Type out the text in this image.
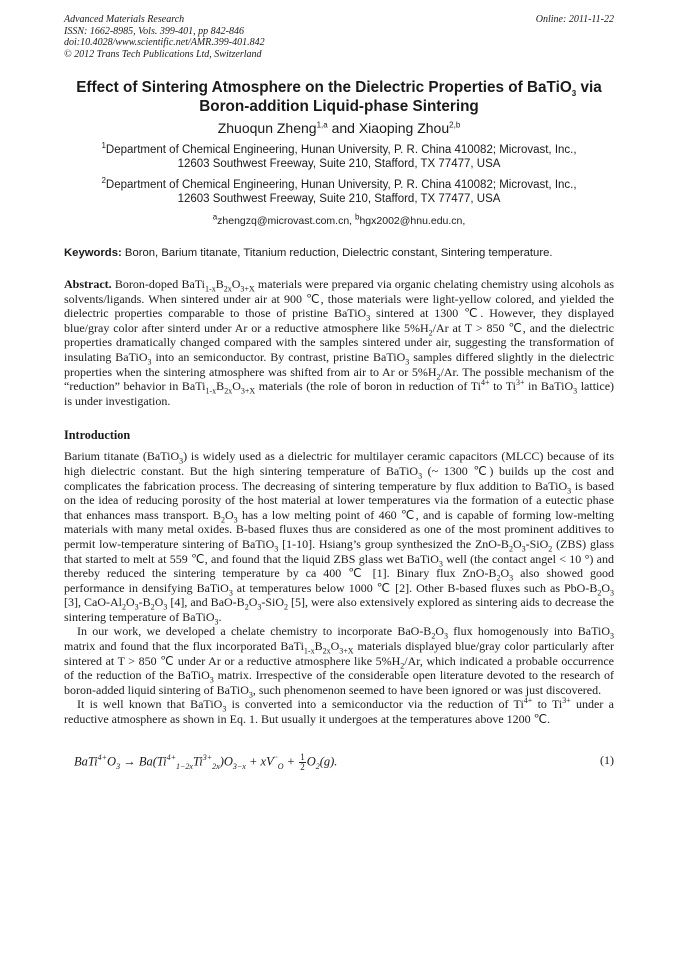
Advanced Materials Research
ISSN: 1662-8985, Vols. 399-401, pp 842-846
doi:10.4028/www.scientific.net/AMR.399-401.842
© 2012 Trans Tech Publications Ltd, Switzerland
Online: 2011-11-22
Effect of Sintering Atmosphere on the Dielectric Properties of BaTiO$_3$ via
Boron-addition Liquid-phase Sintering
Zhuoqun Zheng$^{1,a}$ and Xiaoping Zhou$^{2,b}$
$^1$Department of Chemical Engineering, Hunan University, P. R. China 410082; Microvast, Inc.,
12603 Southwest Freeway, Suite 210, Stafford, TX 77477, USA
$^2$Department of Chemical Engineering, Hunan University, P. R. China 410082; Microvast, Inc.,
12603 Southwest Freeway, Suite 210, Stafford, TX 77477, USA
$^a$zhengzq@microvast.com.cn, $^b$hgx2002@hnu.edu.cn,
Keywords: Boron, Barium titanate, Titanium reduction, Dielectric constant, Sintering temperature.
Abstract. Boron-doped $BaTi_{1-x}B_{2x}O_{3+X}$ materials were prepared via organic chelating chemistry using alcohols as solvents/ligands. When sintered under air at 900 ℃, those materials were light-yellow colored, and yielded the dielectric properties comparable to those of pristine BaTiO$_3$ sintered at 1300 ℃. However, they displayed blue/gray color after sinterd under Ar or a reductive atmosphere like $5\%H_2/Ar$ at T > 850 ℃, and the dielectric properties dramatically changed compared with the samples sintered under air, suggesting the transformation of insulating BaTiO$_3$ into an semiconductor. By contrast, pristine BaTiO$_3$ samples differed slightly in the dielectric properties when the sintering atmosphere was shifted from air to Ar or $5\%H_2/Ar$. The possible mechanism of the “reduction” behavior in $BaTi_{1-x}B_{2x}O_{3+X}$ materials (the role of boron in reduction of $Ti^{4+}$ to $Ti^{3+}$ in BaTiO$_3$ lattice) is under investigation.
Introduction

Barium titanate (BaTiO$_3$) is widely used as a dielectric for multilayer ceramic capacitors (MLCC) because of its high dielectric constant. But the high sintering temperature of BaTiO$_3$ (~ 1300 ℃) builds up the cost and complicates the fabrication process. The decreasing of sintering temperature by flux addition to BaTiO$_3$ is based on the idea of reducing porosity of the host material at lower temperatures via the formation of a eutectic phase that enhances mass transport. $B_2O_3$ has a low melting point of 460 ℃, and is capable of forming low-melting materials with many metal oxides. B-based fluxes thus are considered as one of the most prominent additives to permit low-temperature sintering of BaTiO$_3$ [1-10]. Hsiang’s group synthesized the ZnO-$B_2O_3-SiO_2$ (ZBS) glass that started to melt at 559 ℃, and found that the liquid ZBS glass wet BaTiO$_3$ well (the contact angel < 10 °) and thereby reduced the sintering temperature by ca 400 ℃ [1]. Binary flux ZnO-$B_2O_3$ also showed good performance in densifying BaTiO$_3$ at temperatures below 1000 ℃ [2]. Other B-based fluxes such as PbO-$B_2O_3$ [3], CaO-$Al_2O_3-B_2O_3$ [4], and BaO-$B_2O_3-SiO_2$ [5], were also extensively explored as sintering aids to decrease the sintering temperature of BaTiO$_3$.

In our work, we developed a chelate chemistry to incorporate BaO-$B_2O_3$ flux homogenously into BaTiO$_3$ matrix and found that the flux incorporated $BaTi_{1-x}B_{2x}O_{3+X}$ materials displayed blue/gray color particularly after sintered at T > 850 ℃ under Ar or a reductive atmosphere like $5\%H_2/Ar$, which indicated a probable occurrence of the reduction of the BaTiO$_3$ matrix. Irrespective of the considerable open literature devoted to the research of boron-added liquid sintering of BaTiO$_3$, such phenomenon seemed to have been ignored or was just discovered.

It is well known that BaTiO$_3$ is converted into a semiconductor via the reduction of $Ti^{4+}$ to $Ti^{3+}$ under a reductive atmosphere as shown in Eq. 1. But usually it undergoes at the temperatures above 1200 ℃.

$BaTi^{4+}O_3 \to Ba(Ti^{4+}_{1-2x}Ti^{3+}_{2x})O_{3-x} + xV^{\cdot\cdot}_O + \frac{1}{2} O_2(g)$.	(1)
